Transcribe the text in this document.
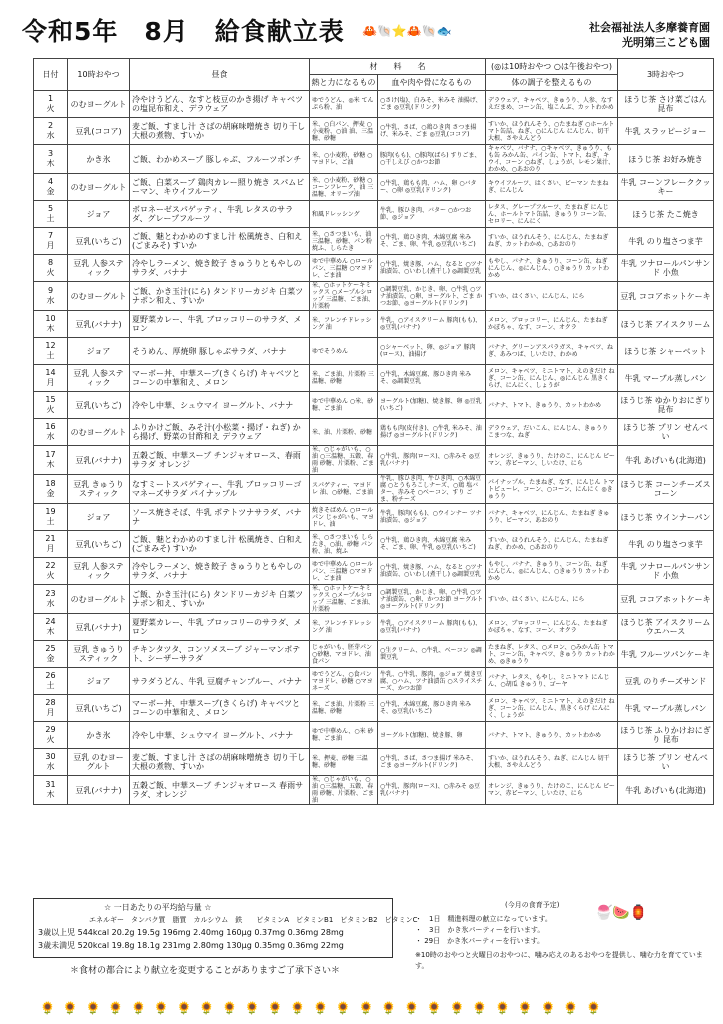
令和5年　8月　給食献立表 🦀🐚⭐🦀🐚🐟	社会福祉法人多摩養育園
光明第三こども園
日付	10時おやつ	昼食	材　　料　　名		(◎は10時おやつ ○は午後おやつ)	3時おやつ
			熱と力になるもの	血や肉や骨になるもの	体の調子を整えるもの	

1
火	のむヨーグルト	冷やけうどん、なすと枝豆のかき揚げ キャベツの塩昆布和え、デラウェア	ゆでうどん、◎米 てんぷら粉、油	○さけ(塩)、白みそ、米みそ 油揚げ、ごま ◎豆乳(ドリンク)	デラウェア、キャベツ、きゅうり、人参、なす えだまめ、コーン缶、塩こんぶ、カットわかめ	ほうじ茶 さけ菜ごはん 昆布

2
水	豆乳(ココア)	麦ご飯、すまし汁 さばの胡麻味噌焼き 切り干し大根の煮物、すいか	米、○白パン、押麦 ○小麦粉、○油 油、三温糖、砂糖	○牛乳、さば、○鶏ひき肉 さつま揚げ、米みそ、ごま ◎豆乳(ココア)	すいか、ほうれんそう、○たまねぎ ○ホールトマト缶詰、ねぎ、○にんじん にんじん、切干大根、さやえんどう	牛乳 スラッピージョー

3
木	かき氷	ご飯、わかめスープ 豚しゃぶ、フルーツポンチ	米、○小麦粉、砂糖 ○マヨドレ、ご油	豚肉(もも)、○豚肉(ばら) すりごま、○干しえび ○かつお節	キャベツ、バナナ、○キャベツ、きゅうり、もも缶 みかん缶、パイン缶、トマト、ねぎ、キウイ、コーン ○ねぎ、しょうが、レモン果汁、わかめ、○あおのり	ほうじ茶 お好み焼き

4
金	のむヨーグルト	ご飯、白菜スープ 鶏肉カレー照り焼き スパムビーマン、キウイフルーツ	米、○小麦粉、砂糖 ○コーンフレーク、油 三温糖、オリーブ油	○牛乳、鶏もも肉、ハム、卵 ○バター、○卵 ◎豆乳(ドリンク)	キウイフルーツ、はくさい、ピーマン たまねぎ、にんじん	牛乳 コーンフレーククッキー

5
土	ジョア	ボロネーゼスパゲッティ、牛乳 レタスのサラダ、グレープフルーツ	和風ドレッシング	牛乳、豚ひき肉、バター ○かつお節、◎ジョア	レタス、グレープフルーツ、たまねぎ にんじん、ホールトマト缶詰、きゅうり コーン缶、セロリー、にんにく	ほうじ茶 たこ焼き

7
月	豆乳(いちご)	ご飯、魅とわかめのすまし汁 松風焼き、白和え(ごまみそ) すいか	米、○さつまいも、油 三温糖、砂糖、パン粉 焼ふ、しらたき	○牛乳、鶏ひき肉、木綿豆腐 米みそ、ごま、卵、牛乳 ◎豆乳(いちご)	すいか、ほうれんそう、にんじん、たまねぎ ねぎ、カットわかめ、○あおのり	牛乳 のり塩さつま芋

8
火	豆乳 人参スティック	冷やしラーメン、焼き餃子 きゅうりともやしのサラダ、バナナ	ゆで中華めん ○ロールパン、三温糖 ○マヨドレ、ごま油	○牛乳、焼き豚、ハム、なると ○ツナ油漬缶、○いわし(煮干し) ◎調製豆乳	もやし、バナナ、きゅうり、コーン缶、ねぎ にんじん、◎にんじん、○きゅうり カットわかめ	牛乳 ツナロールパンサンド 小魚

9
水	のむヨーグルト	ご飯、かき玉汁(にら) タンドリーカジキ 白菜ツナポン和え、すいか	米、○ホットケーキミックス ○メープルシロップ 三温糖、ごま油、片栗粉	○調製豆乳、かじき、卵、○牛乳 ○ツナ油漬缶、○卵、ヨーグルト、ごま かつお節、◎ヨーグルト(ドリンク)	すいか、はくさい、にんじん、にら	豆乳 ココアホットケーキ

10
木	豆乳(バナナ)	夏野菜カレー、牛乳 ブロッコリーのサラダ、メロン	米、フレンチドレッシング 油	牛乳、○アイスクリーム 豚肉(もも)、◎豆乳(バナナ)	メロン、ブロッコリー、にんじん、たまねぎ かぼちゃ、なす、コーン、オクラ	ほうじ茶 アイスクリーム

12
土	ジョア	そうめん、厚焼卵 豚しゃぶサラダ、バナナ	ゆでそうめん	○シャーベット、卵、◎ジョア 豚肉(ロース)、油揚げ	バナナ、グリーンアスパラガス、キャベツ、ね ぎ、あみつば、しいたけ、わかめ	ほうじ茶 シャーベット

14
月	豆乳 人参スティック	マーボー丼、中華スープ(きくらげ) キャベツとコーンの中華和え、メロン	米、ごま油、片栗粉 三温糖、砂糖	○牛乳、木綿豆腐、豚ひき肉 米みそ、◎調製豆乳	メロン、キャベツ、ミニトマト、えのきだけ ねぎ、コーン缶、にんじん、◎にんじん 黒きくらげ、にんにく、しょうが	牛乳 マーブル蒸しパン

15
火	豆乳(いちご)	冷やし中華、シュウマイ ヨーグルト、バナナ	ゆで中華めん ○米、砂糖、ごま油	ヨーグルト(加糖)、焼き豚、卵 ◎豆乳(いちご)	バナナ、トマト、きゅうり、カットわかめ	ほうじ茶 ゆかりおにぎり 昆布

16
水	のむヨーグルト	ふりかけご飯、みそ汁(小松菜・揚げ・ねぎ) から揚げ、野菜の甘酢和え デラウェア	米、油、片栗粉、砂糖	鶏もも肉(皮付き)、○牛乳 米みそ、油揚げ ◎ヨーグルト(ドリンク)	デラウェア、だいこん、にんじん、きゅうり こまつな、ねぎ	ほうじ茶 プリン せんべい

17
木	豆乳(バナナ)	五穀ご飯、中華スープ チンジャオロース、春雨サラダ オレンジ	米、○じゃがいも、○油 ○三温糖、五穀、春雨 砂糖、片栗粉、ごま油	○牛乳、豚肉(ロース)、○赤みそ ◎豆乳(バナナ)	オレンジ、きゅうり、たけのこ、にんじん ピーマン、赤ピーマン、しいたけ、にら	牛乳 あげいも(北海道)

18
金	豆乳 きゅうりスティック	なすミートスパゲティー、牛乳 ブロッコリーゴマネーズサラダ パイナップル	スパゲティー、マヨドレ 油、○砂糖、ごま油	牛乳、豚ひき肉、牛ひき肉、○木綿豆腐 ○とうもろこしナーズ、○鶏 塩バター、赤みそ ○ベーコン、すり ごま、粉チーズ	パイナップル、たまねぎ、なす、にんじん トマトピューレ、コーン、○コーン、にんにく ◎きゅうり	ほうじ茶 コーンチーズスコーン

19
土	ジョア	ソース焼きそば、牛乳 ポテトツナサラダ、バナナ	焼きそばめん ○ロールパン じゃがいも、マヨドレ、油	牛乳、豚肉(もも)、○ウインナー ツナ油漬缶、◎ジョア	バナナ、キャベツ、にんじん、たまねぎ きゅうり、ピーマン、あおのり	ほうじ茶 ウインナーパン

21
月	豆乳(いちご)	ご飯、魅とわかめのすまし汁 松風焼き、白和え(ごまみそ) すいか	米、○さつまいも しらたき、○油、砂糖 パン粉、油、焼ふ	○牛乳、鶏ひき肉、木綿豆腐 米みそ、ごま、卵、牛乳 ◎豆乳(いちご)	すいか、ほうれんそう、にんじん、たまねぎ ねぎ、わかめ、○あおのり	牛乳 のり塩さつま芋

22
火	豆乳 人参スティック	冷やしラーメン、焼き餃子 きゅうりともやしのサラダ、バナナ	ゆで中華めん ○ロールパン、三温糖 ○マヨドレ、ごま油	○牛乳、焼き豚、ハム、なると ○ツナ油漬缶、○いわし(煮干し) ◎調製豆乳	もやし、バナナ、きゅうり、コーン缶、ねぎ にんじん、◎にんじん、○きゅうり カットわかめ	牛乳 ツナロールパンサンド 小魚

23
水	のむヨーグルト	ご飯、かき玉汁(にら) タンドリーカジキ 白菜ツナポン和え、すいか	米、○ホットケーキミックス ○メープルシロップ 三温糖、ごま油、片栗粉	○調製豆乳、かじき、卵、○牛乳 ○ツナ油漬缶、○卵、かつお節 ヨーグルト ◎ヨーグルト(ドリンク)	すいか、はくさい、にんじん、にら	豆乳 ココアホットケーキ

24
木	豆乳(バナナ)	夏野菜カレー、牛乳 ブロッコリーのサラダ、メロン	米、フレンチドレッシング 油	牛乳、○アイスクリーム 豚肉(もも)、◎豆乳(バナナ)	メロン、ブロッコリー、にんじん、たまねぎ かぼちゃ、なす、コーン、オクラ	ほうじ茶 アイスクリーム ウエハース

25
金	豆乳 きゅうりスティック	チキンタツタ、コンソメスープ ジャーマンポテト、シーザーサラダ	じゃがいも、胚芽パン ○砂糖、マヨドレ、油 食パン	○生クリーム、○牛乳、ベーコン ◎調製豆乳	たまねぎ、レタス、○メロン、○みかん缶 トマト、コーン缶、キャベツ、きゅうり カットわかめ、◎きゅうり	牛乳 フルーツパンケーキ

26
土	ジョア	サラダうどん、牛乳 豆腐チャンプルー、バナナ	ゆでうどん、○食パン マヨドレ、砂糖 ○マヨネーズ	牛乳、○牛乳、豚肉、◎ジョア 焼き豆腐、○ハム、ツナ油漬缶 ○スライスチーズ、かつお節	バナナ、レタス、もやし、ミニトマト にんじん、○胡瓜 きゅうり、ゴーヤ	豆乳 のりチーズサンド

28
月	豆乳(いちご)	マーボー丼、中華スープ(きくらげ) キャベツとコーンの中華和え、メロン	米、ごま油、片栗粉 三温糖、砂糖	○牛乳、木綿豆腐、豚ひき肉 米みそ、◎豆乳(いちご)	メロン、キャベツ、ミニトマト、えのきだけ ねぎ、コーン缶、にんじん、黒きくらげ にんにく、しょうが	牛乳 マーブル蒸しパン

29
火	かき氷	冷やし中華、シュウマイ ヨーグルト、バナナ	ゆで中華めん、○米 砂糖、ごま油	ヨーグルト(加糖)、焼き豚、卵	バナナ、トマト、きゅうり、カットわかめ	ほうじ茶 ふりかけおにぎり 昆布

30
水	豆乳 のむヨーグルト	麦ご飯、すまし汁 さばの胡麻味噌焼き 切り干し大根の煮物、すいか	米、押麦、砂糖 三温糖、砂糖	○牛乳、さば、さつま揚げ 米みそ、ごま ◎ヨーグルト(ドリンク)	すいか、ほうれんそう、ねぎ、にんじん 切干大根、さやえんどう	ほうじ茶 プリン せんべい

31
木	豆乳(バナナ)	五穀ご飯、中華スープ チンジャオロース 春雨サラダ、オレンジ	米、○じゃがいも、○油 ○三温糖、五穀、春雨 砂糖、片栗粉、ごま油	○牛乳、豚肉(ロース)、○赤みそ ◎豆乳(バナナ)	オレンジ、きゅうり、たけのこ、にんじん ピーマン、赤ピーマン、しいたけ、にら	牛乳 あげいも(北海道)
☆ 一日あたりの平均給与量 ☆
エネルギー　タンパク質　脂質　カルシウム　鉄　　ビタミンA　ビタミンB1　ビタミンB2　ビタミンC
3歳以上児 544kcal 20.2g 19.5g 196mg 2.40mg 160μg 0.37mg 0.36mg 28mg
3歳未満児 520kcal 19.8g 18.1g 231mg 2.80mg 130μg 0.35mg 0.36mg 22mg
(今月の食育予定)	🍧🍉🏮
・　1日　精進料理の献立になっています。
・　3日　かき氷パーティーを行います。
・ 29日　かき氷パーティーを行います。
※10時のおやつと火曜日のおやつに、噛み応えのあるおやつを提供し、噛む力を育てています。
＊食材の都合により献立を変更することがありますご了承下さい＊
🌻 🌻 🌻 🌻 🌻 🌻 🌻 🌻 🌻 🌻 🌻 🌻 🌻 🌻 🌻 🌻 🌻 🌻 🌻 🌻 🌻 🌻 🌻 🌻 🌻
